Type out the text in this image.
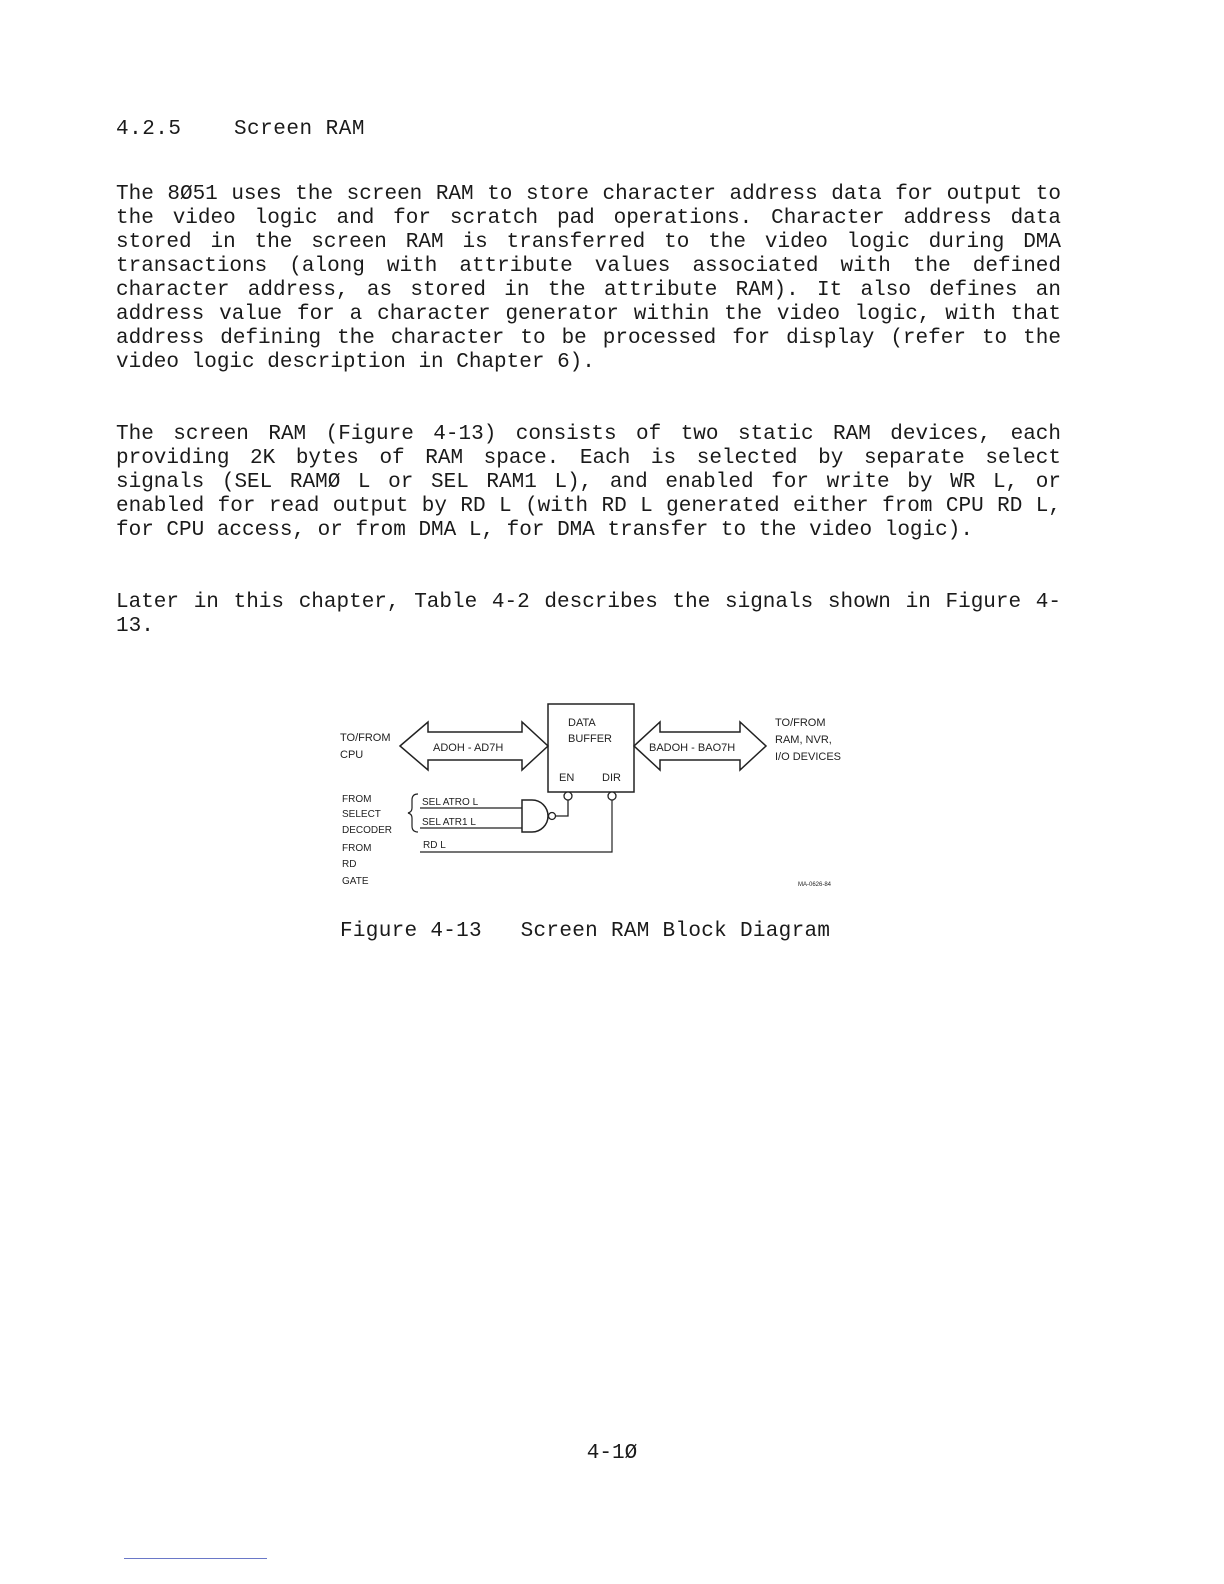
4.2.5 Screen RAM

The 8Ø51 uses the screen RAM to store character address data for output to the video logic and for scratch pad operations. Character address data stored in the screen RAM is transferred to the video logic during DMA transactions (along with attribute values associated with the defined character address, as stored in the attribute RAM). It also defines an address value for a character generator within the video logic, with that address defining the character to be processed for display (refer to the video logic description in Chapter 6).

The screen RAM (Figure 4-13) consists of two static RAM devices, each providing 2K bytes of RAM space. Each is selected by separate select signals (SEL RAMØ L or SEL RAM1 L), and enabled for write by WR L, or enabled for read output by RD L (with RD L generated either from CPU RD L, for CPU access, or from DMA L, for DMA transfer to the video logic).

Later in this chapter, Table 4-2 describes the signals shown in Figure 4-13.

TO/FROM
CPU
ADOH - AD7H
DATA
BUFFER
EN	DIR
BADOH - BAO7H
TO/FROM
RAM, NVR,
I/O DEVICES
FROM
SELECT
DECODER
FROM
RD
GATE
SEL ATRO L
SEL ATR1 L
RD L
MA-0626-84
Figure 4-13   Screen RAM Block Diagram
4-1Ø
